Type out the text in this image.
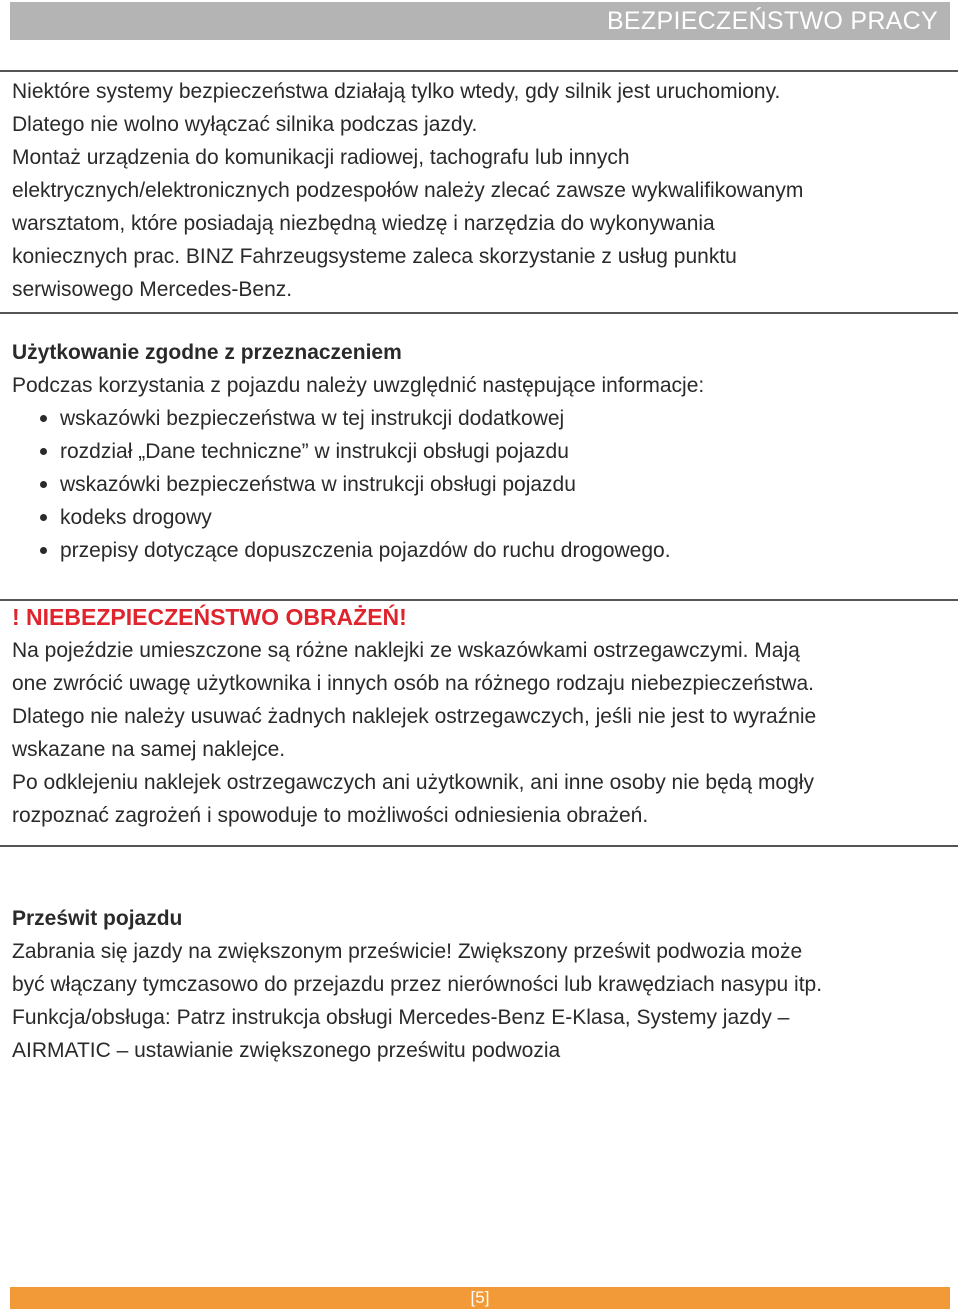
BEZPIECZEŃSTWO PRACY
Niektóre systemy bezpieczeństwa działają tylko wtedy, gdy silnik jest uruchomiony.
Dlatego nie wolno wyłączać silnika podczas jazdy.
Montaż urządzenia do komunikacji radiowej, tachografu lub innych
elektrycznych/elektronicznych podzespołów należy zlecać zawsze wykwalifikowanym
warsztatom, które posiadają niezbędną wiedzę i narzędzia do wykonywania
koniecznych prac. BINZ Fahrzeugsysteme zaleca skorzystanie z usług punktu
serwisowego Mercedes-Benz.
Użytkowanie zgodne z przeznaczeniem
Podczas korzystania z pojazdu należy uwzględnić następujące informacje:
wskazówki bezpieczeństwa w tej instrukcji dodatkowej
rozdział „Dane techniczne” w instrukcji obsługi pojazdu
wskazówki bezpieczeństwa w instrukcji obsługi pojazdu
kodeks drogowy
przepisy dotyczące dopuszczenia pojazdów do ruchu drogowego.
! NIEBEZPIECZEŃSTWO OBRAŻEŃ!
Na pojeździe umieszczone są różne naklejki ze wskazówkami ostrzegawczymi. Mają
one zwrócić uwagę użytkownika i innych osób na różnego rodzaju niebezpieczeństwa.
Dlatego nie należy usuwać żadnych naklejek ostrzegawczych, jeśli nie jest to wyraźnie
wskazane na samej naklejce.
Po odklejeniu naklejek ostrzegawczych ani użytkownik, ani inne osoby nie będą mogły
rozpoznać zagrożeń i spowoduje to możliwości odniesienia obrażeń.
Prześwit pojazdu
Zabrania się jazdy na zwiększonym prześwicie! Zwiększony prześwit podwozia może
być włączany tymczasowo do przejazdu przez nierówności lub krawędziach nasypu itp.
Funkcja/obsługa: Patrz instrukcja obsługi Mercedes-Benz E-Klasa, Systemy jazdy –
AIRMATIC – ustawianie zwiększonego prześwitu podwozia
[5]
